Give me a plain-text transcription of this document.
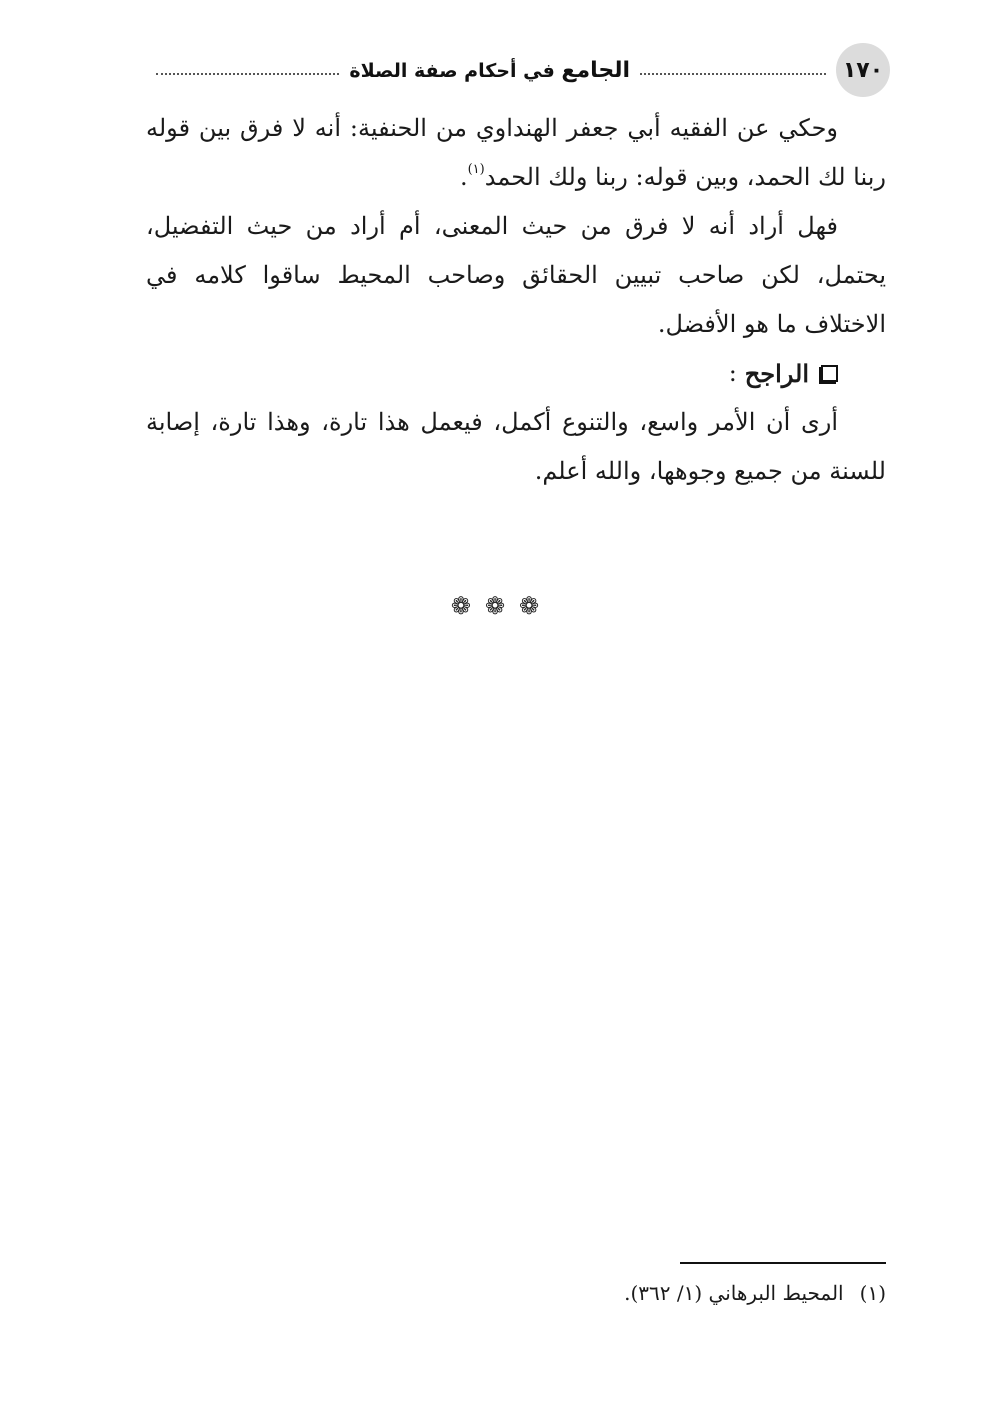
١٧٠
الجامع في أحكام صفة الصلاة

وحكي عن الفقيه أبي جعفر الهنداوي من الحنفية: أنه لا فرق بين قوله ربنا لك الحمد، وبين قوله: ربنا ولك الحمد$^{(١)}$.

فهل أراد أنه لا فرق من حيث المعنى، أم أراد من حيث التفضيل، يحتمل، لكن صاحب تبيين الحقائق وصاحب المحيط ساقوا كلامه في الاختلاف ما هو الأفضل.

الراجح
:

أرى أن الأمر واسع، والتنوع أكمل، فيعمل هذا تارة، وهذا تارة، إصابة للسنة من جميع وجوهها، والله أعلم.

❁❁❁
(١)المحيط البرهاني (١/ ٣٦٢).
